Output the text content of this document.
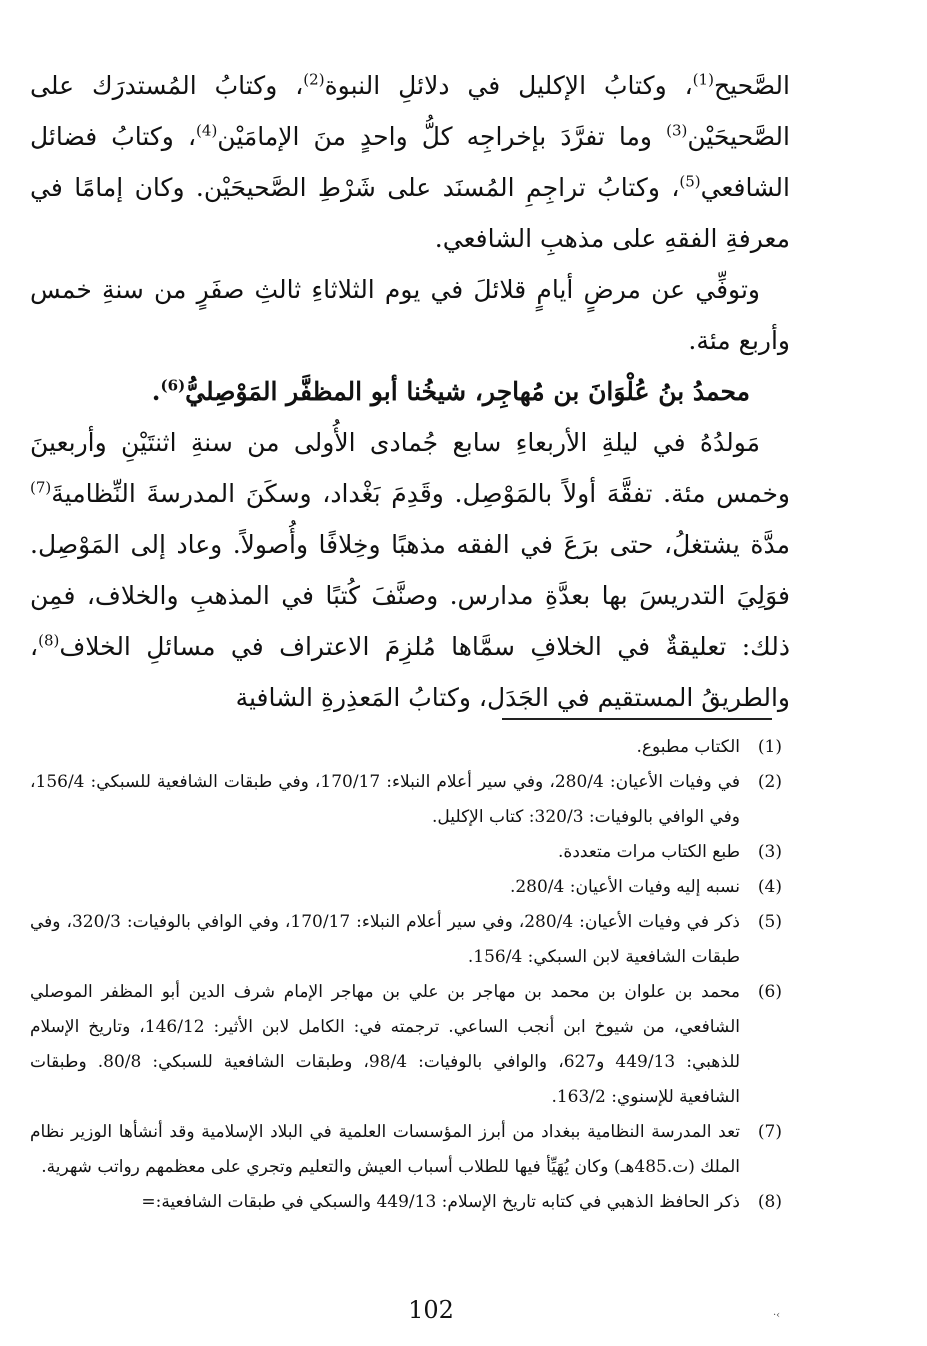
الصَّحيح$^{(1)}$، وكتابُ الإكليل في دلائلِ النبوة$^{(2)}$، وكتابُ المُستدرَك على الصَّحيحَيْن$^{(3)}$ وما تفرَّدَ بإخراجِه كلُّ واحدٍ منَ الإمامَيْن$^{(4)}$، وكتابُ فضائل الشافعي$^{(5)}$، وكتابُ تراجِمِ المُسنَد على شَرْطِ الصَّحيحَيْن. وكان إمامًا في معرفةِ الفقهِ على مذهبِ الشافعي.

وتوفِّي عن مرضٍ أيامٍ قلائلَ في يوم الثلاثاءِ ثالثِ صفَرٍ من سنةِ خمس وأربع مئة.

محمدُ بنُ عُلْوَانَ بن مُهاجِر، شيخُنا أبو المظفَّر المَوْصِليُّ$^{(6)}$.

مَولدُهُ في ليلةِ الأربعاءِ سابع جُمادى الأُولى من سنةِ اثنتَيْنِ وأربعينَ وخمس مئة. تفقَّهَ أولاً بالمَوْصِل. وقَدِمَ بَغْداد، وسكَنَ المدرسةَ النِّظاميةَ$^{(7)}$ مدَّة يشتغلُ، حتى برَعَ في الفقه مذهبًا وخِلافًا وأُصولاً. وعاد إلى المَوْصِل. فوَلِيَ التدريسَ بها بعدَّةِ مدارس. وصنَّفَ كُتبًا في المذهبِ والخلاف، فمِن ذلك: تعليقةٌ في الخلافِ سمَّاها مُلزِمَ الاعتراف في مسائلِ الخلاف$^{(8)}$، والطريقُ المستقيم في الجَدَل، وكتابُ المَعذِرةِ الشافية

(1)
الكتاب مطبوع.
(2)
في وفيات الأعيان: 280/4، وفي سير أعلام النبلاء: 170/17، وفي طبقات الشافعية للسبكي: 156/4، وفي الوافي بالوفيات: 320/3: كتاب الإكليل.
(3)
طبع الكتاب مرات متعددة.
(4)
نسبه إليه وفيات الأعيان: 280/4.
(5)
ذكر في وفيات الأعيان: 280/4، وفي سير أعلام النبلاء: 170/17، وفي الوافي بالوفيات: 320/3، وفي طبقات الشافعية لابن السبكي: 156/4.
(6)
محمد بن علوان بن محمد بن مهاجر بن علي بن مهاجر الإمام شرف الدين أبو المظفر الموصلي الشافعي، من شيوخ ابن أنجب الساعي. ترجمته في: الكامل لابن الأثير: 146/12، وتاريخ الإسلام للذهبي: 449/13 و627، والوافي بالوفيات: 98/4، وطبقات الشافعية للسبكي: 80/8. وطبقات الشافعية للإسنوي: 163/2.
(7)
تعد المدرسة النظامية ببغداد من أبرز المؤسسات العلمية في البلاد الإسلامية وقد أنشأها الوزير نظام الملك (ت.485هـ) وكان يُهَيِّأ فيها للطلاب أسباب العيش والتعليم وتجري على معظمهم رواتب شهرية.
(8)
ذكر الحافظ الذهبي في كتابه تاريخ الإسلام: 449/13 والسبكي في طبقات الشافعية:=
102	·‹
